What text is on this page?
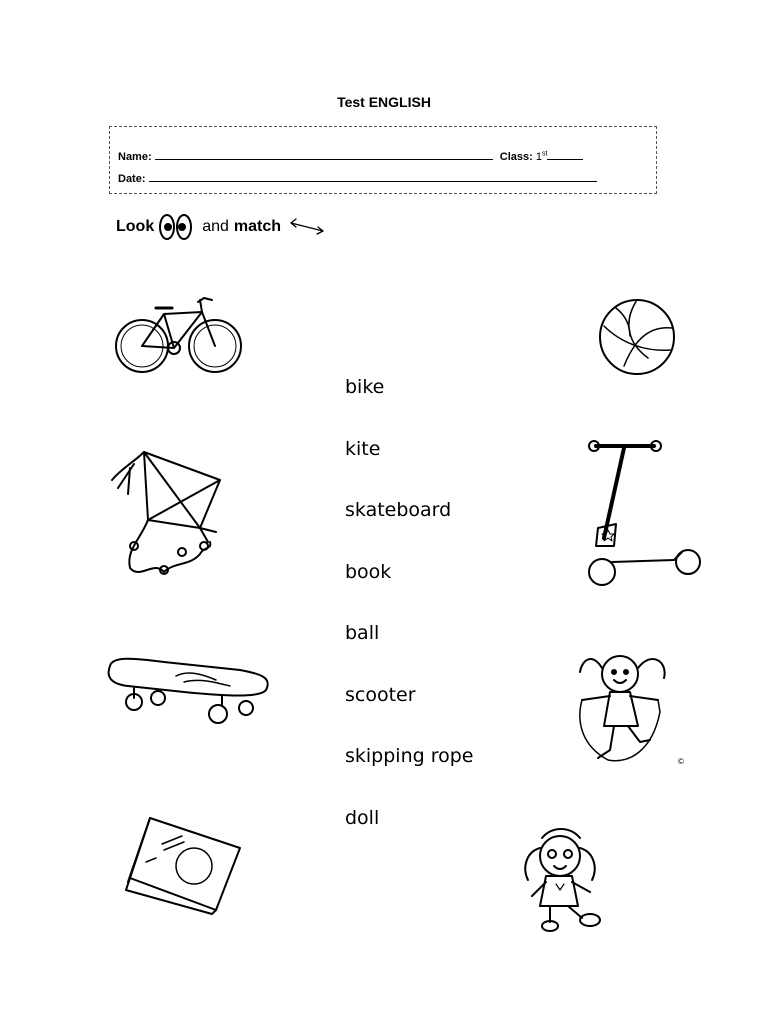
Test ENGLISH
Name:	Class: 1st
Date:
Look	and match
bike
kite
skateboard
book
ball
scooter
skipping rope
doll
©
